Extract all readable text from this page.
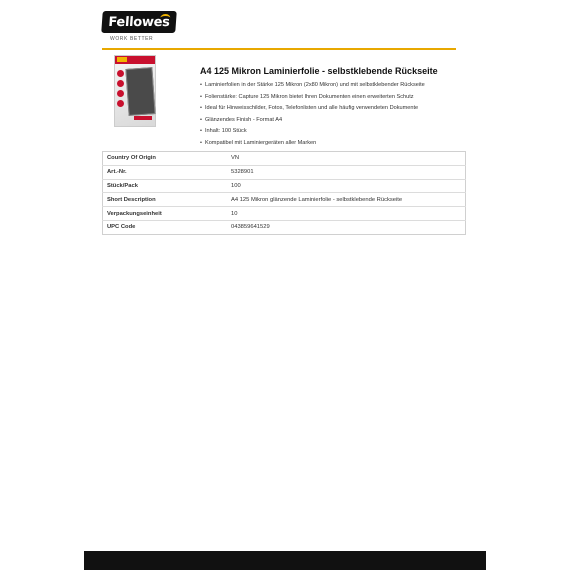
Fellowes
WORK BETTER
A4 125 Mikron Laminierfolie - selbstklebende Rückseite
• Laminierfolien in der Stärke 125 Mikron (2x80 Mikron) und mit selbstklebender Rückseite
• Folienstärke: Capture 125 Mikron bietet Ihren Dokumenten einen erweiterten Schutz
• Ideal für Hinweisschilder, Fotos, Telefonlisten und alle häufig verwendeten Dokumente
• Glänzendes Finish - Format A4
• Inhalt: 100 Stück
• Kompatibel mit Laminiergeräten aller Marken
Country Of Origin	VN
Art.-Nr.	5328901
Stück/Pack	100
Short Description	A4 125 Mikron glänzende Laminierfolie - selbstklebende Rückseite
Verpackungseinheit	10
UPC Code	043859641529
